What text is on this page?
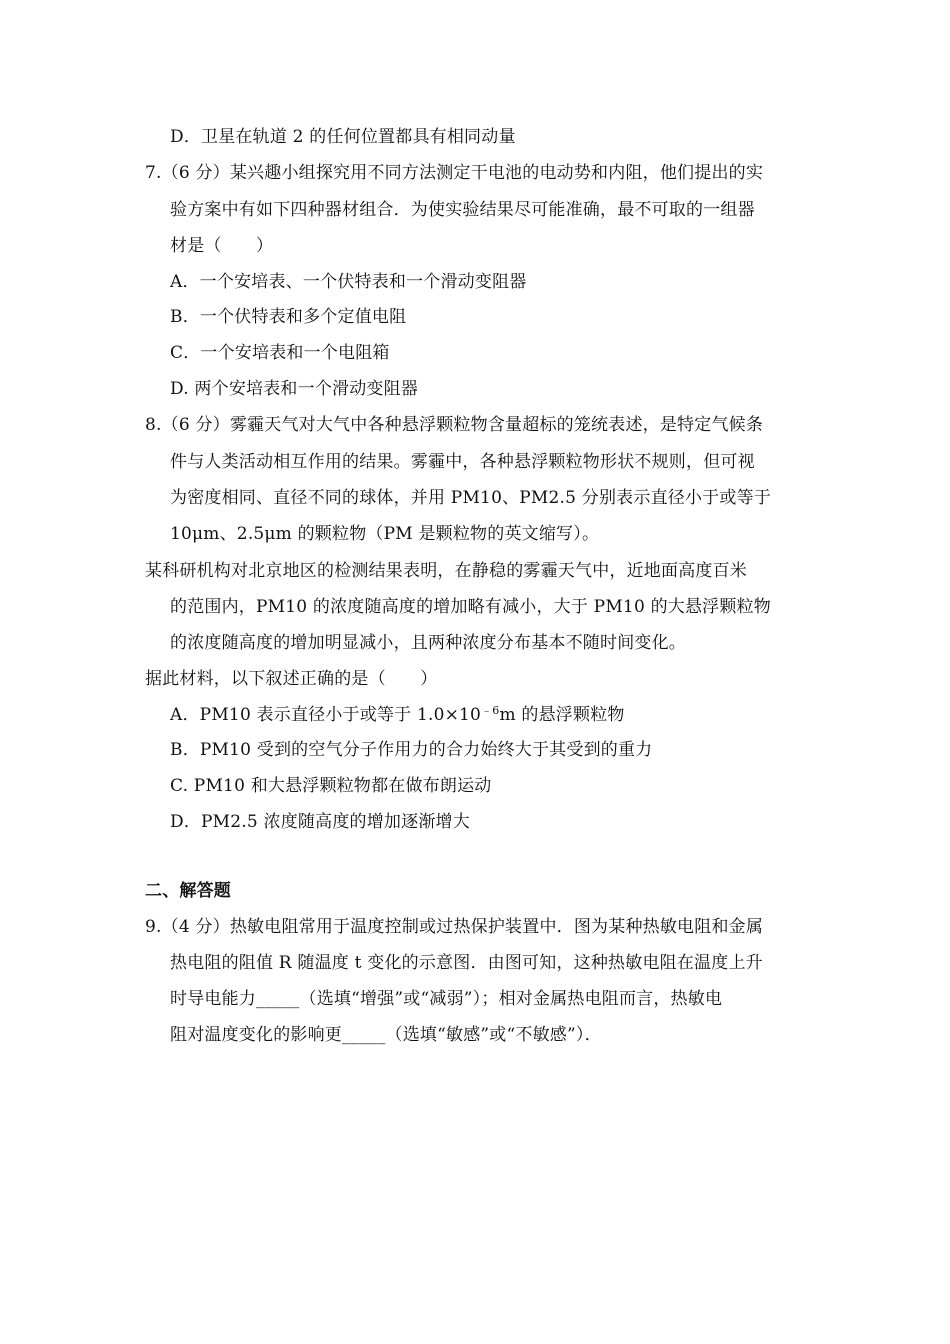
D．卫星在轨道 2 的任何位置都具有相同动量
7.（6 分）某兴趣小组探究用不同方法测定干电池的电动势和内阻，他们提出的实
验方案中有如下四种器材组合．为使实验结果尽可能准确，最不可取的一组器
材是（　　）
A．一个安培表、一个伏特表和一个滑动变阻器
B．一个伏特表和多个定值电阻
C．一个安培表和一个电阻箱
D. 两个安培表和一个滑动变阻器
8.（6 分）雾霾天气对大气中各种悬浮颗粒物含量超标的笼统表述，是特定气候条
件与人类活动相互作用的结果。雾霾中，各种悬浮颗粒物形状不规则，但可视
为密度相同、直径不同的球体，并用 PM10、PM2.5 分别表示直径小于或等于
10μm、2.5μm 的颗粒物（PM 是颗粒物的英文缩写）。
某科研机构对北京地区的检测结果表明，在静稳的雾霾天气中，近地面高度百米
的范围内，PM10 的浓度随高度的增加略有减小，大于 PM10 的大悬浮颗粒物
的浓度随高度的增加明显减小，且两种浓度分布基本不随时间变化。
据此材料，以下叙述正确的是（　　）
A．PM10 表示直径小于或等于 $1.0\times 10^{﹣6}m$ 的悬浮颗粒物
B．PM10 受到的空气分子作用力的合力始终大于其受到的重力
C. PM10 和大悬浮颗粒物都在做布朗运动
D．PM2.5 浓度随高度的增加逐渐增大
二、解答题
9.（4 分）热敏电阻常用于温度控制或过热保护装置中．图为某种热敏电阻和金属
热电阻的阻值 R 随温度 t 变化的示意图．由图可知，这种热敏电阻在温度上升
时导电能力_____（选填“增强”或“减弱”）；相对金属热电阻而言，热敏电
阻对温度变化的影响更_____（选填“敏感”或“不敏感”）．
